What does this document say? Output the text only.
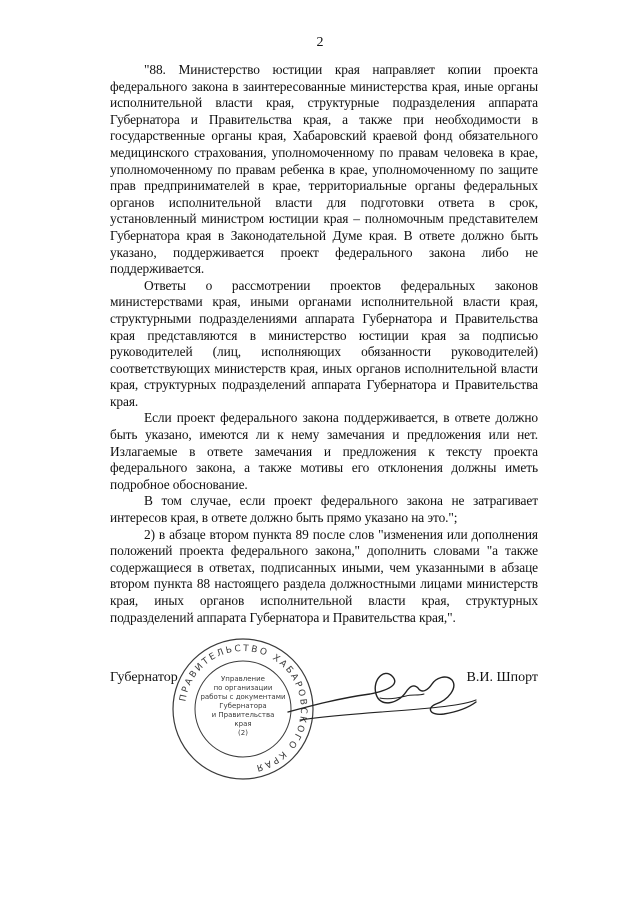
2

"88. Министерство юстиции края направляет копии проекта федерального закона в заинтересованные министерства края, иные органы исполнительной власти края, структурные подразделения аппарата Губернатора и Правительства края, а также при необходимости в государственные органы края, Хабаровский краевой фонд обязательного медицинского страхования, уполномоченному по правам человека в крае, уполномоченному по правам ребенка в крае, уполномоченному по защите прав предпринимателей в крае, территориальные органы федеральных органов исполнительной власти для подготовки ответа в срок, установленный министром юстиции края – полномочным представителем Губернатора края в Законодательной Думе края. В ответе должно быть указано, поддерживается проект федерального закона либо не поддерживается.

Ответы о рассмотрении проектов федеральных законов министерствами края, иными органами исполнительной власти края, структурными подразделениями аппарата Губернатора и Правительства края представляются в министерство юстиции края за подписью руководителей (лиц, исполняющих обязанности руководителей) соответствующих министерств края, иных органов исполнительной власти края, структурных подразделений аппарата Губернатора и Правительства края.

Если проект федерального закона поддерживается, в ответе должно быть указано, имеются ли к нему замечания и предложения или нет. Излагаемые в ответе замечания и предложения к тексту проекта федерального закона, а также мотивы его отклонения должны иметь подробное обоснование.

В том случае, если проект федерального закона не затрагивает интересов края, в ответе должно быть прямо указано на это.";

2) в абзаце втором пункта 89 после слов "изменения или дополнения положений проекта федерального закона," дополнить словами "а также содержащиеся в ответах, подписанных иными, чем указанными в абзаце втором пункта 88 настоящего раздела должностными лицами министерств края, иных органов исполнительной власти края, структурных подразделений аппарата Губернатора и Правительства края,".

Губернатор
ПРАВИТЕЛЬСТВО ХАБАРОВСКОГО КРАЯ
Управление
по организации
работы с документами
Губернатора
и Правительства
края
(2)
В.И. Шпорт
